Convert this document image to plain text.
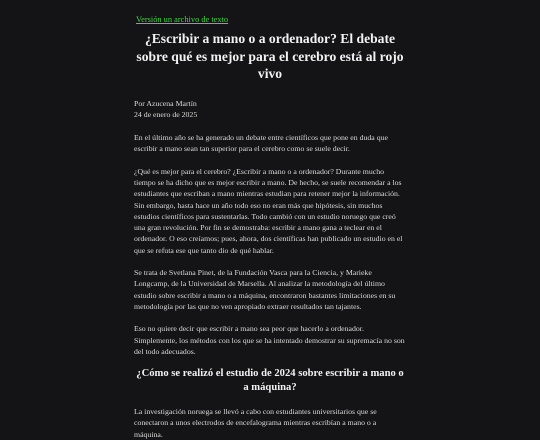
Versión un archivo de texto
¿Escribir a mano o a ordenador? El debate sobre qué es mejor para el cerebro está al rojo vivo
Por Azucena Martín
24 de enero de 2025

En el último año se ha generado un debate entre científicos que pone en duda que escribir a mano sean tan superior para el cerebro como se suele decir.

¿Qué es mejor para el cerebro? ¿Escribir a mano o a ordenador? Durante mucho tiempo se ha dicho que es mejor escribir a mano. De hecho, se suele recomendar a los estudiantes que escriban a mano mientras estudian para retener mejor la información. Sin embargo, hasta hace un año todo eso no eran más que hipótesis, sin muchos estudios científicos para sustentarlas. Todo cambió con un estudio noruego que creó una gran revolución. Por fin se demostraba: escribir a mano gana a teclear en el ordenador. O eso creíamos; pues, ahora, dos científicas han publicado un estudio en el que se refuta ese que tanto dio de qué hablar.

Se trata de Svetlana Pinet, de la Fundación Vasca para la Ciencia, y Marieke Longcamp, de la Universidad de Marsella. Al analizar la metodología del último estudio sobre escribir a mano o a máquina, encontraron bastantes limitaciones en su metodología por las que no ven apropiado extraer resultados tan tajantes.

Eso no quiere decir que escribir a mano sea peor que hacerlo a ordenador. Simplemente, los métodos con los que se ha intentado demostrar su supremacía no son del todo adecuados.

¿Cómo se realizó el estudio de 2024 sobre escribir a mano o a máquina?

La investigación noruega se llevó a cabo con estudiantes universitarios que se conectaron a unos electrodos de encefalograma mientras escribían a mano o a máquina.
